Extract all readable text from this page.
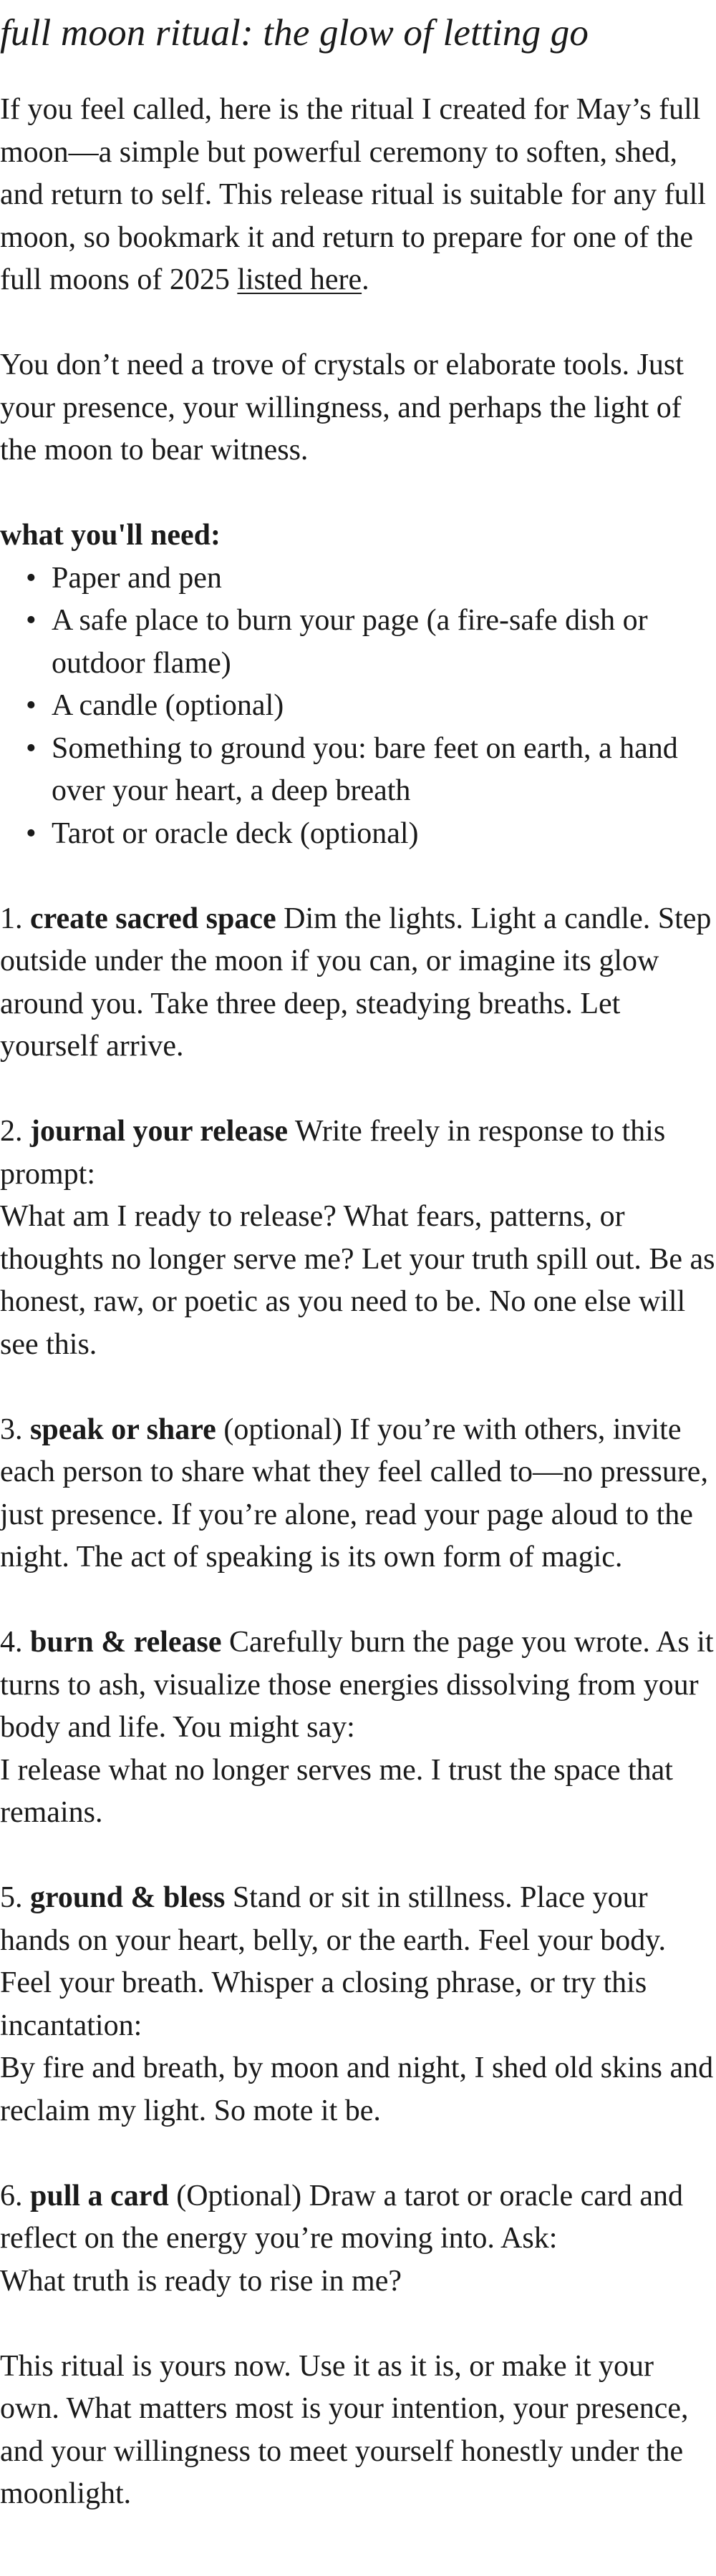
full moon ritual: the glow of letting go

If you feel called, here is the ritual I created for May’s full moon—a simple but powerful ceremony to soften, shed, and return to self. This release ritual is suitable for any full moon, so bookmark it and return to prepare for one of the full moons of 2025 listed here.

You don’t need a trove of crystals or elaborate tools. Just your presence, your willingness, and perhaps the light of the moon to bear witness.

what you'll need:

• Paper and pen
• A safe place to burn your page (a fire-safe dish or outdoor flame)
• A candle (optional)
• Something to ground you: bare feet on earth, a hand over your heart, a deep breath
• Tarot or oracle deck (optional)

1. create sacred space Dim the lights. Light a candle. Step outside under the moon if you can, or imagine its glow around you. Take three deep, steadying breaths. Let yourself arrive.

2. journal your release Write freely in response to this prompt:

What am I ready to release? What fears, patterns, or thoughts no longer serve me? Let your truth spill out. Be as honest, raw, or poetic as you need to be. No one else will see this.

3. speak or share (optional) If you’re with others, invite each person to share what they feel called to—no pressure, just presence. If you’re alone, read your page aloud to the night. The act of speaking is its own form of magic.

4. burn & release Carefully burn the page you wrote. As it turns to ash, visualize those energies dissolving from your body and life. You might say:

I release what no longer serves me. I trust the space that remains.

5. ground & bless Stand or sit in stillness. Place your hands on your heart, belly, or the earth. Feel your body. Feel your breath. Whisper a closing phrase, or try this incantation:

By fire and breath, by moon and night, I shed old skins and reclaim my light. So mote it be.

6. pull a card (Optional) Draw a tarot or oracle card and reflect on the energy you’re moving into. Ask:

What truth is ready to rise in me?

This ritual is yours now. Use it as it is, or make it your own. What matters most is your intention, your presence, and your willingness to meet yourself honestly under the moonlight.
